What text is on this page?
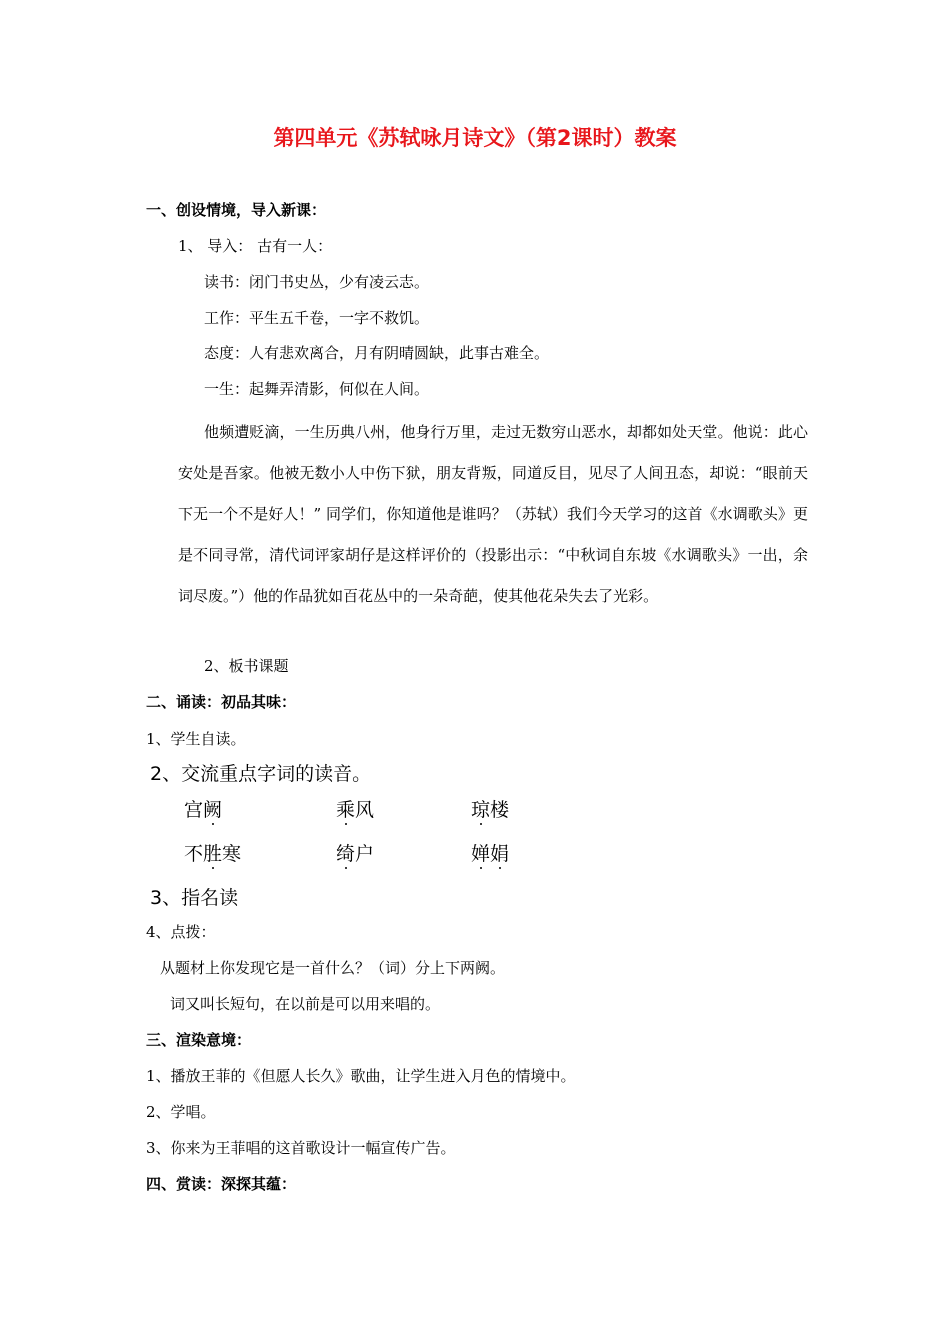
第四单元《苏轼咏月诗文》（第2课时）教案
一、创设情境，导入新课：
1、 导入： 古有一人：
读书：闭门书史丛，少有凌云志。
工作：平生五千卷，一字不救饥。
态度：人有悲欢离合，月有阴晴圆缺，此事古难全。
一生：起舞弄清影，何似在人间。
他频遭贬滴，一生历典八州，他身行万里，走过无数穷山恶水，却都如处天堂。他说：此心安处是吾家。他被无数小人中伤下狱，朋友背叛，同道反目，见尽了人间丑态，却说：“眼前天下无一个不是好人！” 同学们，你知道他是谁吗？（苏轼）我们今天学习的这首《水调歌头》更是不同寻常，清代词评家胡仔是这样评价的（投影出示：“中秋词自东坡《水调歌头》一出，余词尽废。”）他的作品犹如百花丛中的一朵奇葩，使其他花朵失去了光彩。
2、板书课题
二、诵读：初品其味：
1、学生自读。
2、交流重点字词的读音。
宫阙	乘风	琼楼
不胜寒	绮户	婵娟
3、指名读
4、点拨：
从题材上你发现它是一首什么？（词）分上下两阙。
词又叫长短句，在以前是可以用来唱的。
三、渲染意境：
1、播放王菲的《但愿人长久》歌曲，让学生进入月色的情境中。
2、学唱。
3、你来为王菲唱的这首歌设计一幅宣传广告。
四、赏读：深探其蕴：
